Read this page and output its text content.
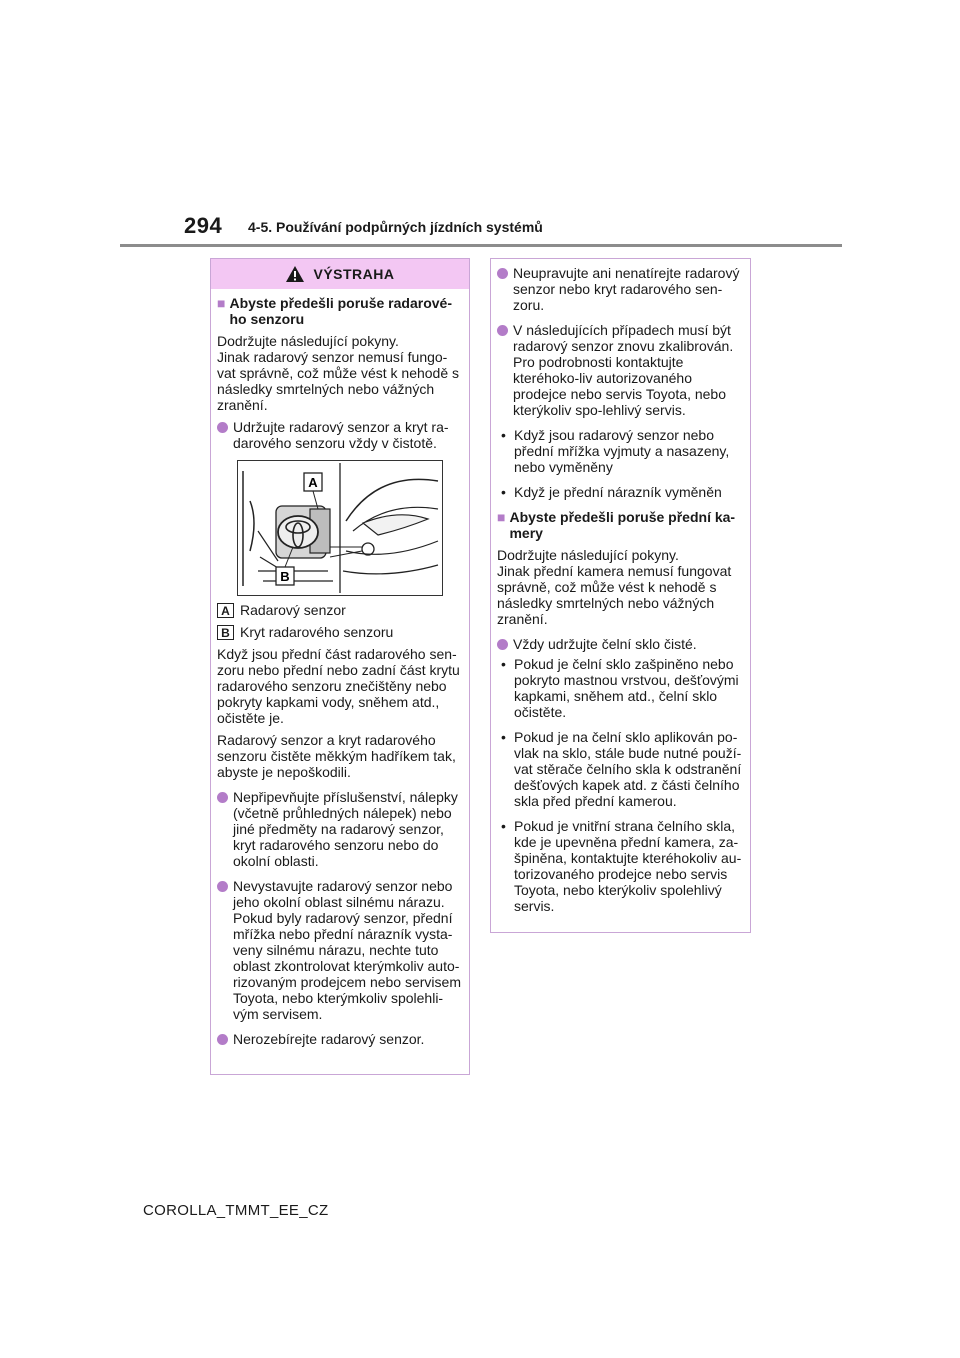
294 4-5. Používání podpůrných jízdních systémů
VÝSTRAHA
■ Abyste předešli poruše radarové-ho senzoru
Dodržujte následující pokyny.
Jinak radarový senzor nemusí fungo-vat správně, což může vést k nehodě s následky smrtelných nebo vážných zranění.
Udržujte radarový senzor a kryt ra-darového senzoru vždy v čistotě.
A
B
A Radarový senzor
B Kryt radarového senzoru
Když jsou přední část radarového sen-zoru nebo přední nebo zadní část krytu radarového senzoru znečištěny nebo pokryty kapkami vody, sněhem atd., očistěte je.
Radarový senzor a kryt radarového senzoru čistěte měkkým hadříkem tak, abyste je nepoškodili.
Nepřipevňujte příslušenství, nálepky (včetně průhledných nálepek) nebo jiné předměty na radarový senzor, kryt radarového senzoru nebo do okolní oblasti.
Nevystavujte radarový senzor nebo jeho okolní oblast silnému nárazu. Pokud byly radarový senzor, přední mřížka nebo přední nárazník vysta-veny silnému nárazu, nechte tuto oblast zkontrolovat kterýmkoliv auto-rizovaným prodejcem nebo servisem Toyota, nebo kterýmkoliv spolehli-vým servisem.
Nerozebírejte radarový senzor.
Neupravujte ani nenatírejte radarový senzor nebo kryt radarového sen-zoru.
V následujících případech musí být radarový senzor znovu zkalibrován. Pro podrobnosti kontaktujte kteréhoko-liv autorizovaného prodejce nebo servis Toyota, nebo kterýkoliv spo-lehlivý servis.
• Když jsou radarový senzor nebo přední mřížka vyjmuty a nasazeny, nebo vyměněny
• Když je přední nárazník vyměněn
■ Abyste předešli poruše přední ka-mery
Dodržujte následující pokyny.
Jinak přední kamera nemusí fungovat správně, což může vést k nehodě s následky smrtelných nebo vážných zranění.
Vždy udržujte čelní sklo čisté.
• Pokud je čelní sklo zašpiněno nebo pokryto mastnou vrstvou, dešťovými kapkami, sněhem atd., čelní sklo očistěte.
• Pokud je na čelní sklo aplikován po-vlak na sklo, stále bude nutné použí-vat stěrače čelního skla k odstranění dešťových kapek atd. z části čelního skla před přední kamerou.
• Pokud je vnitřní strana čelního skla, kde je upevněna přední kamera, za-špiněna, kontaktujte kteréhokoliv au-torizovaného prodejce nebo servis Toyota, nebo kterýkoliv spolehlivý servis.
COROLLA_TMMT_EE_CZ
